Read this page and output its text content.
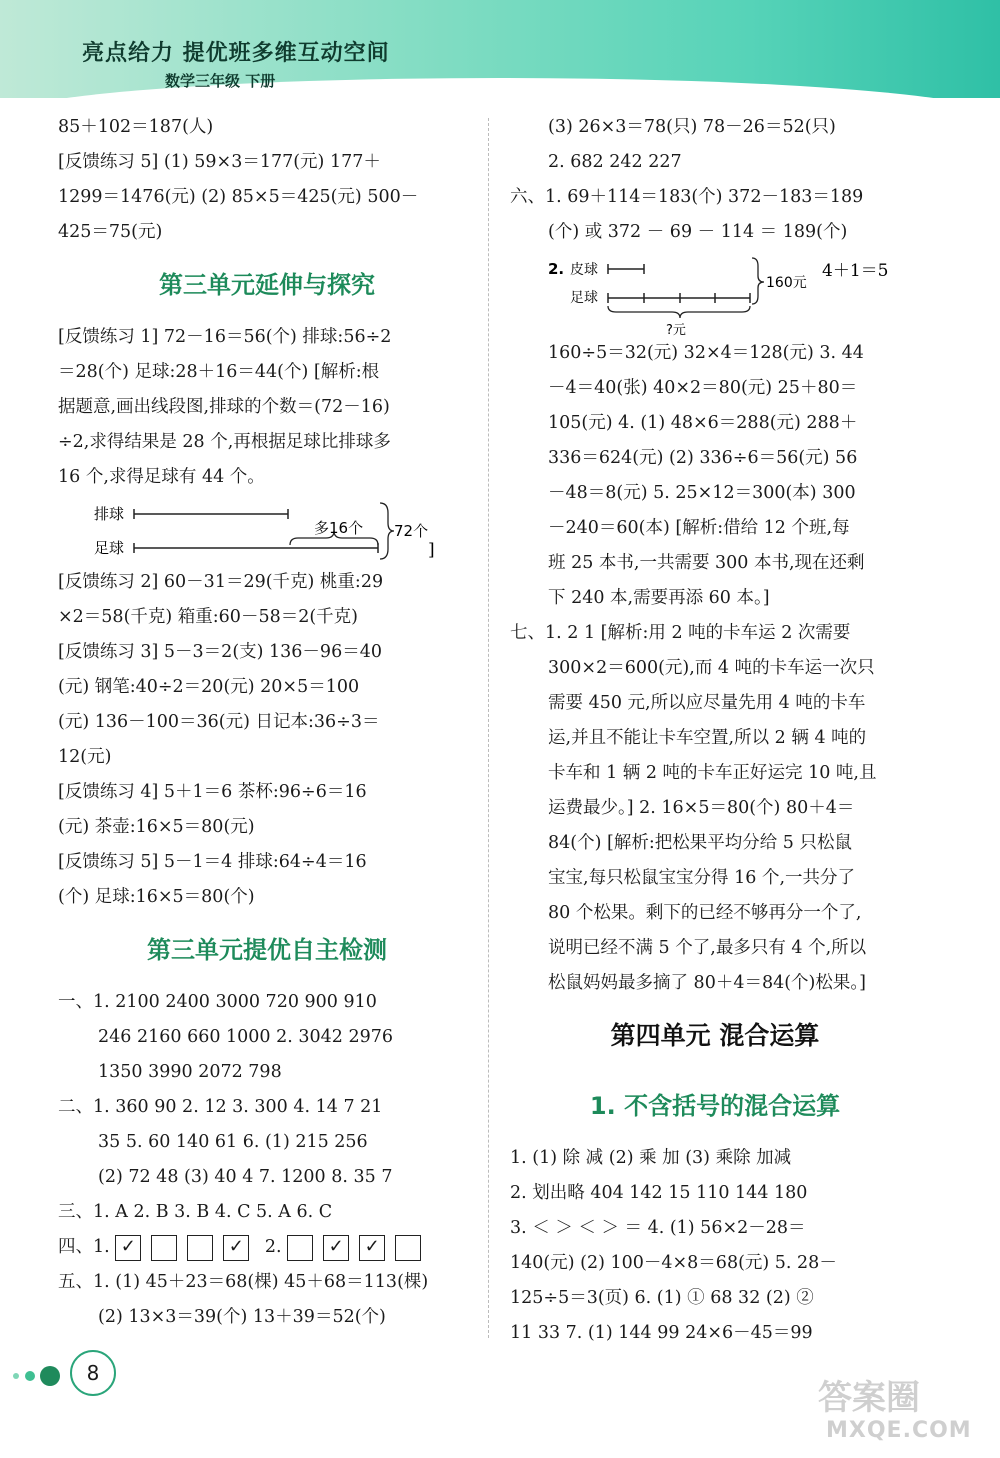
亮点给力 提优班多维互动空间
数学三年级 下册
85＋102＝187(人)
[反馈练习 5] (1) 59×3＝177(元) 177＋
1299＝1476(元) (2) 85×5＝425(元) 500－
425＝75(元)
第三单元延伸与探究
[反馈练习 1] 72－16＝56(个) 排球:56÷2
＝28(个) 足球:28＋16＝44(个) [解析:根
据题意,画出线段图,排球的个数＝(72－16)
÷2,求得结果是 28 个,再根据足球比排球多
16 个,求得足球有 44 个。
排球
足球
多16个 72个
]
[反馈练习 2] 60－31＝29(千克) 桃重:29
×2＝58(千克) 箱重:60－58＝2(千克)
[反馈练习 3] 5－3＝2(支) 136－96＝40
(元) 钢笔:40÷2＝20(元) 20×5＝100
(元) 136－100＝36(元) 日记本:36÷3＝
12(元)
[反馈练习 4] 5＋1＝6 茶杯:96÷6＝16
(元) 茶壶:16×5＝80(元)
[反馈练习 5] 5－1＝4 排球:64÷4＝16
(个) 足球:16×5＝80(个)
第三单元提优自主检测
一、1. 2100 2400 3000 720 900 910
246 2160 660 1000 2. 3042 2976
1350 3990 2072 798
二、1. 360 90 2. 12 3. 300 4. 14 7 21
35 5. 60 140 61 6. (1) 215 256
(2) 72 48 (3) 40 4 7. 1200 8. 35 7
三、1. A 2. B 3. B 4. C 5. A 6. C
四、1. ✓	✓ 2.	✓ ✓
五、1. (1) 45＋23＝68(棵) 45＋68＝113(棵)
(2) 13×3＝39(个) 13＋39＝52(个)
(3) 26×3＝78(只) 78－26＝52(只)
2. 682 242 227
六、1. 69＋114＝183(个) 372－183＝189
(个) 或 372 － 69 － 114 ＝ 189(个)
2. 皮球
足球
?元
160元
4＋1＝5
160÷5＝32(元) 32×4＝128(元) 3. 44
－4＝40(张) 40×2＝80(元) 25＋80＝
105(元) 4. (1) 48×6＝288(元) 288＋
336＝624(元) (2) 336÷6＝56(元) 56
－48＝8(元) 5. 25×12＝300(本) 300
－240＝60(本) [解析:借给 12 个班,每
班 25 本书,一共需要 300 本书,现在还剩
下 240 本,需要再添 60 本。]
七、1. 2 1 [解析:用 2 吨的卡车运 2 次需要
300×2＝600(元),而 4 吨的卡车运一次只
需要 450 元,所以应尽量先用 4 吨的卡车
运,并且不能让卡车空置,所以 2 辆 4 吨的
卡车和 1 辆 2 吨的卡车正好运完 10 吨,且
运费最少。] 2. 16×5＝80(个) 80＋4＝
84(个) [解析:把松果平均分给 5 只松鼠
宝宝,每只松鼠宝宝分得 16 个,一共分了
80 个松果。剩下的已经不够再分一个了,
说明已经不满 5 个了,最多只有 4 个,所以
松鼠妈妈最多摘了 80＋4＝84(个)松果。]
第四单元 混合运算
1. 不含括号的混合运算
1. (1) 除 减 (2) 乘 加 (3) 乘除 加减
2. 划出略 404 142 15 110 144 180
3. ＜ ＞ ＜ ＞ ＝ 4. (1) 56×2－28＝
140(元) (2) 100－4×8＝68(元) 5. 28－
125÷5＝3(页) 6. (1) ① 68 32 (2) ②
11 33 7. (1) 144 99 24×6－45＝99
8
答案圈
MXQE.COM
